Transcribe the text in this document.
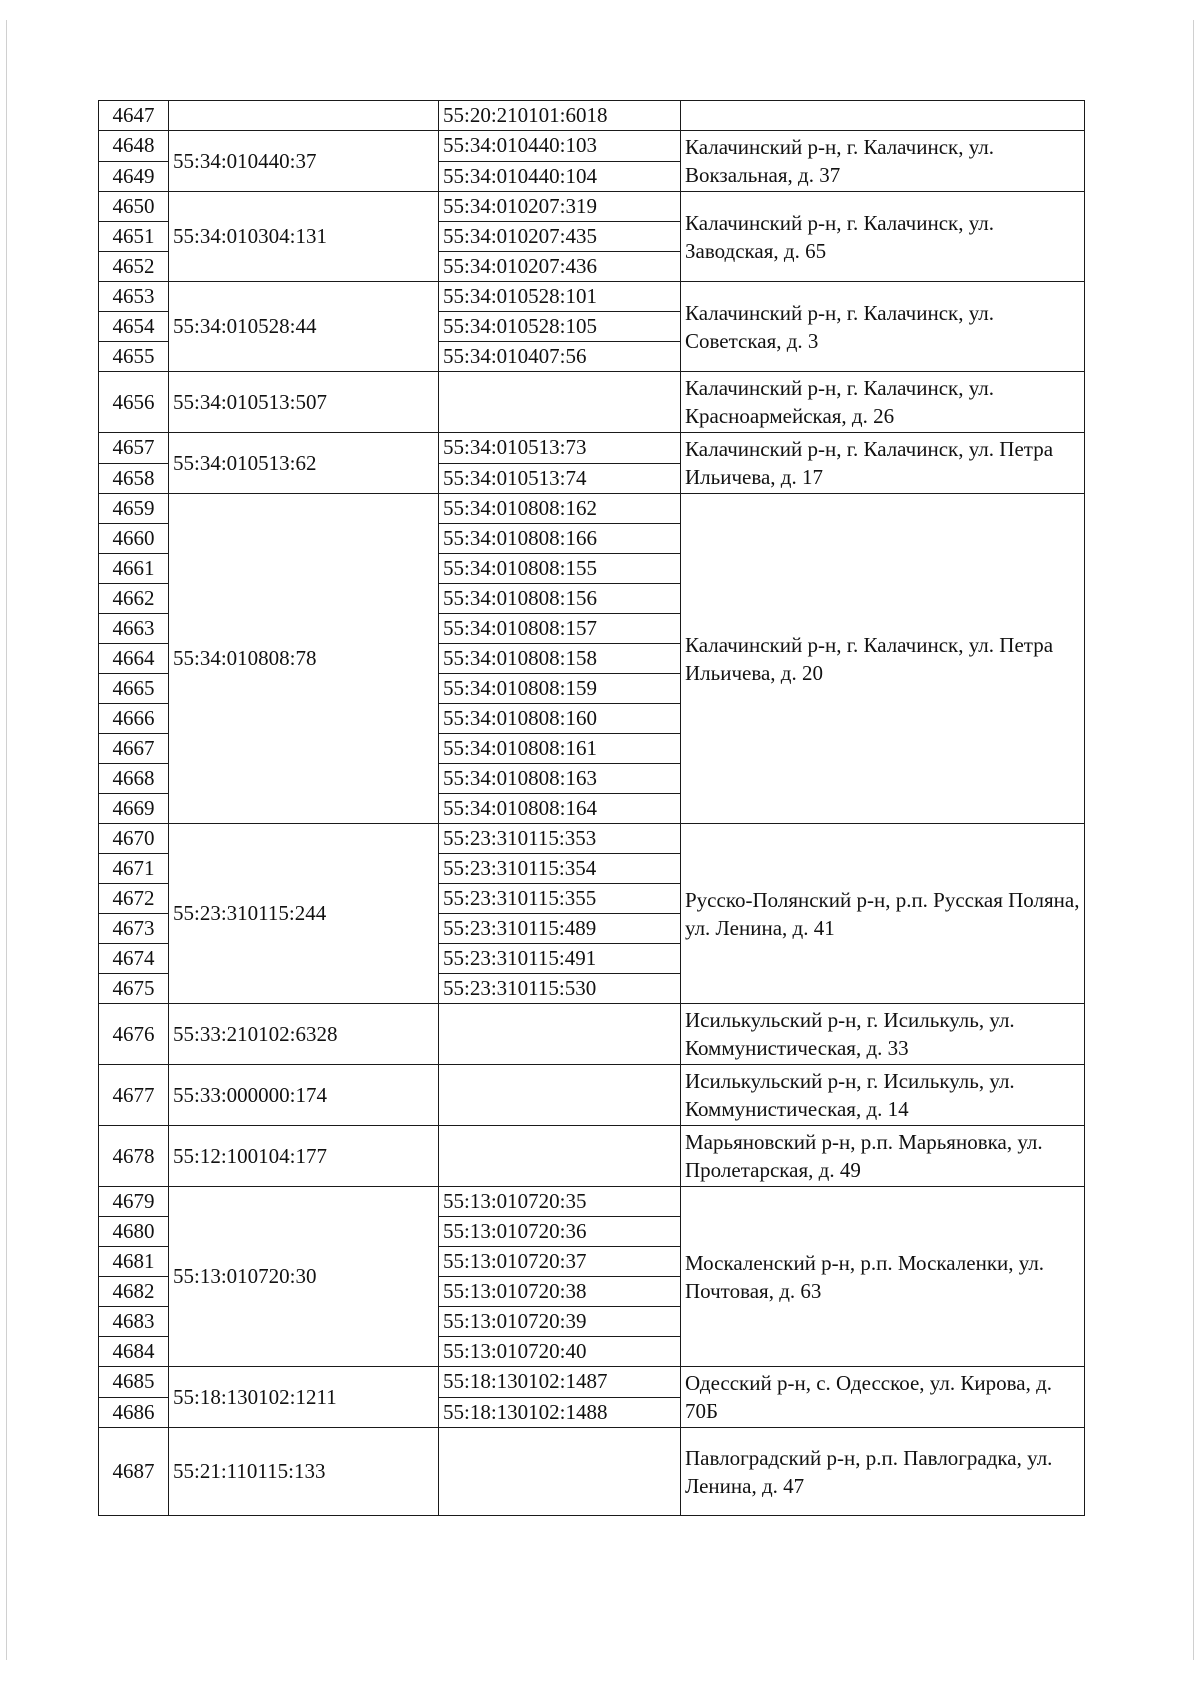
4647		55:20:210101:6018	
4648	55:34:010440:37	55:34:010440:103	Калачинский р-н, г. Калачинск, ул. Вокзальная, д. 37
4649		55:34:010440:104	
4650	55:34:010304:131	55:34:010207:319	Калачинский р-н, г. Калачинск, ул. Заводская, д. 65
4651		55:34:010207:435	
4652		55:34:010207:436	
4653	55:34:010528:44	55:34:010528:101	Калачинский р-н, г. Калачинск, ул. Советская, д. 3
4654		55:34:010528:105	
4655		55:34:010407:56	
4656	55:34:010513:507		Калачинский р-н, г. Калачинск, ул. Красноармейская, д. 26
4657	55:34:010513:62	55:34:010513:73	Калачинский р-н, г. Калачинск, ул. Петра Ильичева, д. 17
4658		55:34:010513:74	
4659	55:34:010808:78	55:34:010808:162	Калачинский р-н, г. Калачинск, ул. Петра Ильичева, д. 20
4660		55:34:010808:166	
4661		55:34:010808:155	
4662		55:34:010808:156	
4663		55:34:010808:157	
4664		55:34:010808:158	
4665		55:34:010808:159	
4666		55:34:010808:160	
4667		55:34:010808:161	
4668		55:34:010808:163	
4669		55:34:010808:164	
4670	55:23:310115:244	55:23:310115:353	Русско-Полянский р-н, р.п. Русская Поляна, ул. Ленина, д. 41
4671		55:23:310115:354	
4672		55:23:310115:355	
4673		55:23:310115:489	
4674		55:23:310115:491	
4675		55:23:310115:530	
4676	55:33:210102:6328		Исилькульский р-н, г. Исилькуль, ул. Коммунистическая, д. 33
4677	55:33:000000:174		Исилькульский р-н, г. Исилькуль, ул. Коммунистическая, д. 14
4678	55:12:100104:177		Марьяновский р-н, р.п. Марьяновка, ул. Пролетарская, д. 49
4679	55:13:010720:30	55:13:010720:35	Москаленский р-н, р.п. Москаленки, ул. Почтовая, д. 63
4680		55:13:010720:36	
4681		55:13:010720:37	
4682		55:13:010720:38	
4683		55:13:010720:39	
4684		55:13:010720:40	
4685	55:18:130102:1211	55:18:130102:1487	Одесский р-н, с. Одесское, ул. Кирова, д. 70Б
4686		55:18:130102:1488	
4687	55:21:110115:133		Павлоградский р-н, р.п. Павлоградка, ул. Ленина, д. 47
